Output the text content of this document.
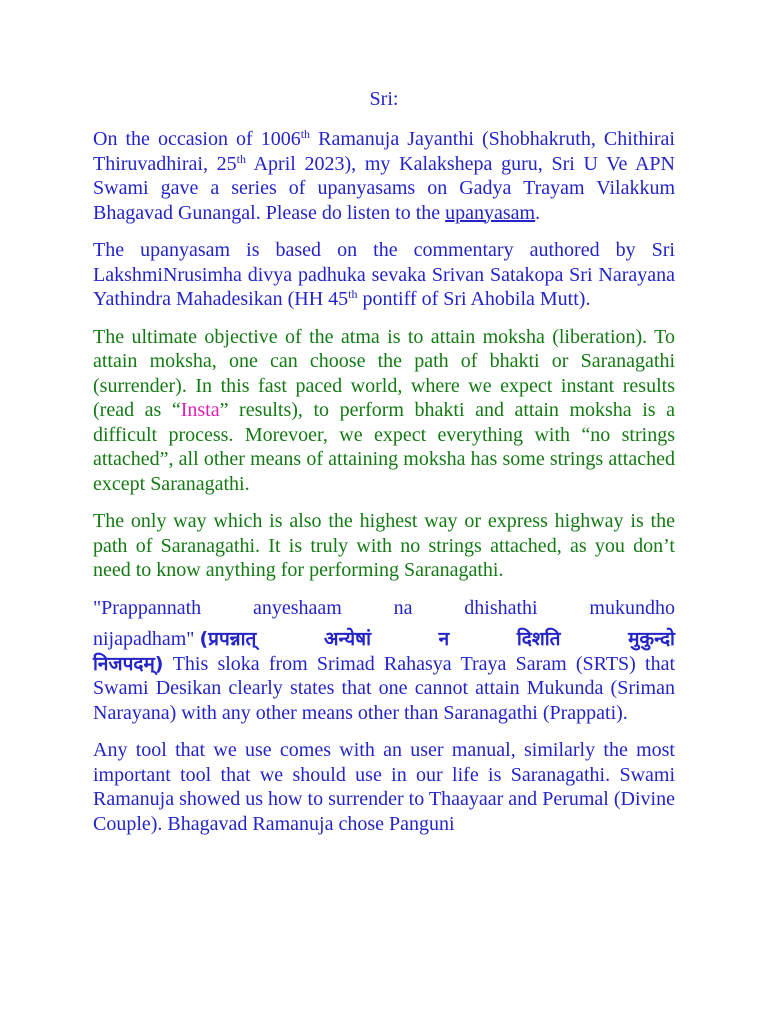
Sri:

On the occasion of 1006th Ramanuja Jayanthi (Shobhakruth, Chithirai Thiruvadhirai, 25th April 2023), my Kalakshepa guru, Sri U Ve APN Swami gave a series of upanyasams on Gadya Trayam Vilakkum Bhagavad Gunangal. Please do listen to the upanyasam.

The upanyasam is based on the commentary authored by Sri LakshmiNrusimha divya padhuka sevaka Srivan Satakopa Sri Narayana Yathindra Mahadesikan (HH 45th pontiff of Sri Ahobila Mutt).

The ultimate objective of the atma is to attain moksha (liberation). To attain moksha, one can choose the path of bhakti or Saranagathi (surrender). In this fast paced world, where we expect instant results (read as “Insta” results), to perform bhakti and attain moksha is a difficult process. Morevoer, we expect everything with “no strings attached”, all other means of attaining moksha has some strings attached except Saranagathi.

The only way which is also the highest way or express highway is the path of Saranagathi. It is truly with no strings attached, as you don’t need to know anything for performing Saranagathi.

"Prappannath	anyeshaam	na	dhishathi	mukundho
nijapadham" (प्रपन्नात्	अन्येषां	न	दिशति	मुकुन्दो

निजपदम्) This sloka from Srimad Rahasya Traya Saram (SRTS) that Swami Desikan clearly states that one cannot attain Mukunda (Sriman Narayana) with any other means other than Saranagathi (Prappati).

Any tool that we use comes with an user manual, similarly the most important tool that we should use in our life is Saranagathi. Swami Ramanuja showed us how to surrender to Thaayaar and Perumal (Divine Couple). Bhagavad Ramanuja chose Panguni
